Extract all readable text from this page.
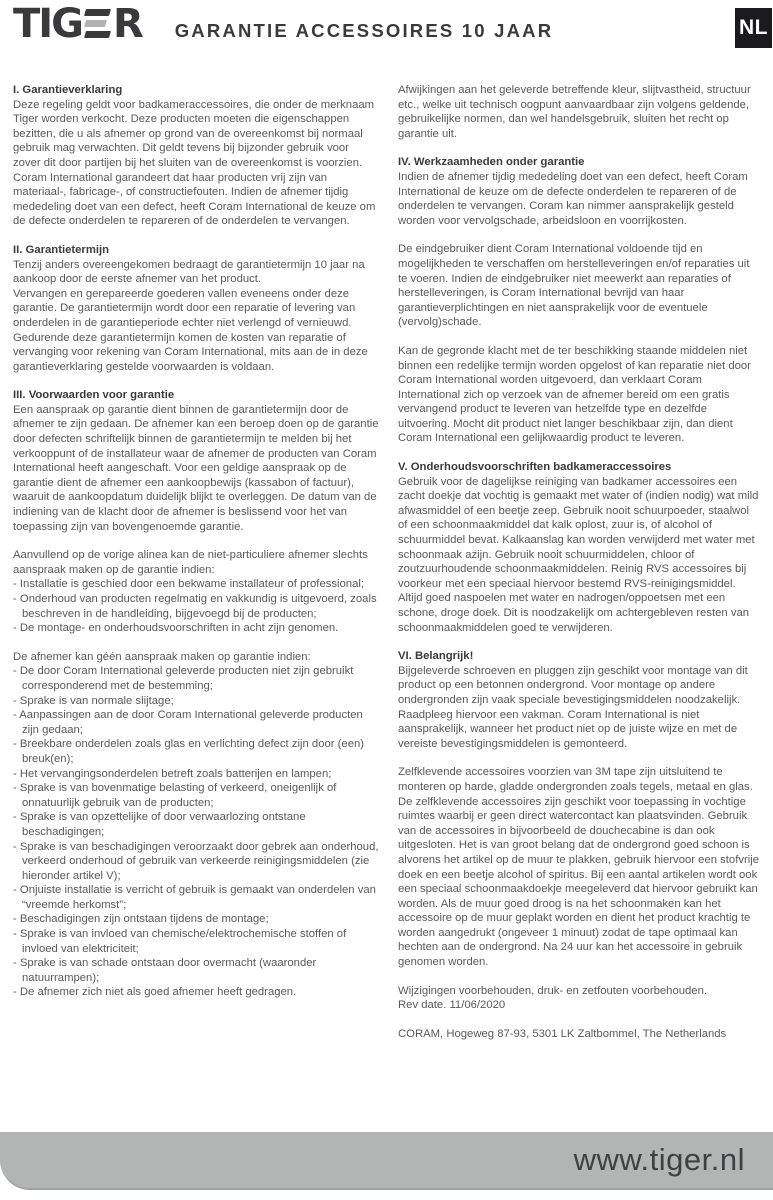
TIG R	GARANTIE ACCESSOIRES 10 JAAR	NL
I. Garantieverklaring
Deze regeling geldt voor badkameraccessoires, die onder de merknaam Tiger worden verkocht. Deze producten moeten die eigenschappen bezitten, die u als afnemer op grond van de overeenkomst bij normaal gebruik mag verwachten. Dit geldt tevens bij bijzonder gebruik voor zover dit door partijen bij het sluiten van de overeenkomst is voorzien. Coram International garandeert dat haar producten vrij zijn van materiaal-, fabricage-, of constructiefouten. Indien de afnemer tijdig mededeling doet van een defect, heeft Coram International de keuze om de defecte onderdelen te repareren of de onderdelen te vervangen.
II. Garantietermijn
Tenzij anders overeengekomen bedraagt de garantietermijn 10 jaar na aankoop door de eerste afnemer van het product.
Vervangen en gerepareerde goederen vallen eveneens onder deze garantie. De garantietermijn wordt door een reparatie of levering van onderdelen in de garantieperiode echter niet verlengd of vernieuwd.
Gedurende deze garantietermijn komen de kosten van reparatie of vervanging voor rekening van Coram International, mits aan de in deze garantieverklaring gestelde voorwaarden is voldaan.
III. Voorwaarden voor garantie
Een aanspraak op garantie dient binnen de garantietermijn door de afnemer te zijn gedaan. De afnemer kan een beroep doen op de garantie door defecten schriftelijk binnen de garantietermijn te melden bij het verkooppunt of de installateur waar de afnemer de producten van Coram International heeft aangeschaft. Voor een geldige aanspraak op de garantie dient de afnemer een aankoopbewijs (kassabon of factuur), waaruit de aankoopdatum duidelijk blijkt te overleggen. De datum van de indiening van de klacht door de afnemer is beslissend voor het van toepassing zijn van bovengenoemde garantie.
Aanvullend op de vorige alinea kan de niet-particuliere afnemer slechts aanspraak maken op de garantie indien:
- Installatie is geschied door een bekwame installateur of professional;
- Onderhoud van producten regelmatig en vakkundig is uitgevoerd, zoals beschreven in de handleiding, bijgevoegd bij de producten;
- De montage- en onderhoudsvoorschriften in acht zijn genomen.
De afnemer kan géén aanspraak maken op garantie indien:
- De door Coram International geleverde producten niet zijn gebruikt corresponderend met de bestemming;
- Sprake is van normale slijtage;
- Aanpassingen aan de door Coram International geleverde producten zijn gedaan;
- Breekbare onderdelen zoals glas en verlichting defect zijn door (een) breuk(en);
- Het vervangingsonderdelen betreft zoals batterijen en lampen;
- Sprake is van bovenmatige belasting of verkeerd, oneigenlijk of onnatuurlijk gebruik van de producten;
- Sprake is van opzettelijke of door verwaarlozing ontstane beschadigingen;
- Sprake is van beschadigingen veroorzaakt door gebrek aan onderhoud, verkeerd onderhoud of gebruik van verkeerde reinigingsmiddelen (zie hieronder artikel V);
- Onjuiste installatie is verricht of gebruik is gemaakt van onderdelen van “vreemde herkomst”;
- Beschadigingen zijn ontstaan tijdens de montage;
- Sprake is van invloed van chemische/elektrochemische stoffen of invloed van elektriciteit;
- Sprake is van schade ontstaan door overmacht (waaronder natuurrampen);
- De afnemer zich niet als goed afnemer heeft gedragen.
Afwijkingen aan het geleverde betreffende kleur, slijtvastheid, structuur etc., welke uit technisch oogpunt aanvaardbaar zijn volgens geldende, gebruikelijke normen, dan wel handelsgebruik, sluiten het recht op garantie uit.
IV. Werkzaamheden onder garantie
Indien de afnemer tijdig mededeling doet van een defect, heeft Coram International de keuze om de defecte onderdelen te repareren of de onderdelen te vervangen. Coram kan nimmer aansprakelijk gesteld worden voor vervolgschade, arbeidsloon en voorrijkosten.
De eindgebruiker dient Coram International voldoende tijd en mogelijkheden te verschaffen om herstelleveringen en/of reparaties uit te voeren. Indien de eindgebruiker niet meewerkt aan reparaties of herstelleveringen, is Coram International bevrijd van haar garantieverplichtingen en niet aansprakelijk voor de eventuele (vervolg)schade.
Kan de gegronde klacht met de ter beschikking staande middelen niet binnen een redelijke termijn worden opgelost of kan reparatie niet door Coram International worden uitgevoerd, dan verklaart Coram International zich op verzoek van de afnemer bereid om een gratis vervangend product te leveren van hetzelfde type en dezelfde uitvoering. Mocht dit product niet langer beschikbaar zijn, dan dient Coram International een gelijkwaardig product te leveren.
V. Onderhoudsvoorschriften badkameraccessoires
Gebruik voor de dagelijkse reiniging van badkamer accessoires een zacht doekje dat vochtig is gemaakt met water of (indien nodig) wat mild afwasmiddel of een beetje zeep. Gebruik nooit schuurpoeder, staalwol of een schoonmaakmiddel dat kalk oplost, zuur is, of alcohol of schuurmiddel bevat. Kalkaanslag kan worden verwijderd met water met schoonmaak azijn. Gebruik nooit schuurmiddelen, chloor of zoutzuurhoudende schoonmaakmiddelen. Reinig RVS accessoires bij voorkeur met een speciaal hiervoor bestemd RVS-reinigingsmiddel. Altijd goed naspoelen met water en nadrogen/oppoetsen met een schone, droge doek. Dit is noodzakelijk om achtergebleven resten van schoonmaakmiddelen goed te verwijderen.
VI. Belangrijk!
Bijgeleverde schroeven en pluggen zijn geschikt voor montage van dit product op een betonnen ondergrond. Voor montage op andere ondergronden zijn vaak speciale bevestigingsmiddelen noodzakelijk. Raadpleeg hiervoor een vakman. Coram International is niet aansprakelijk, wanneer het product niet op de juiste wijze en met de vereiste bevestigingsmiddelen is gemonteerd.
Zelfklevende accessoires voorzien van 3M tape zijn uitsluitend te monteren op harde, gladde ondergronden zoals tegels, metaal en glas. De zelfklevende accessoires zijn geschikt voor toepassing in vochtige ruimtes waarbij er geen direct watercontact kan plaatsvinden. Gebruik van de accessoires in bijvoorbeeld de douchecabine is dan ook uitgesloten. Het is van groot belang dat de ondergrond goed schoon is alvorens het artikel op de muur te plakken, gebruik hiervoor een stofvrije doek en een beetje alcohol of spiritus. Bij een aantal artikelen wordt ook een speciaal schoonmaakdoekje meegeleverd dat hiervoor gebruikt kan worden. Als de muur goed droog is na het schoonmaken kan het accessoire op de muur geplakt worden en dient het product krachtig te worden aangedrukt (ongeveer 1 minuut) zodat de tape optimaal kan hechten aan de ondergrond. Na 24 uur kan het accessoire in gebruik genomen worden.
Wijzigingen voorbehouden, druk- en zetfouten voorbehouden.
Rev date. 11/06/2020
CORAM, Hogeweg 87-93, 5301 LK Zaltbommel, The Netherlands
www.tiger.nl
